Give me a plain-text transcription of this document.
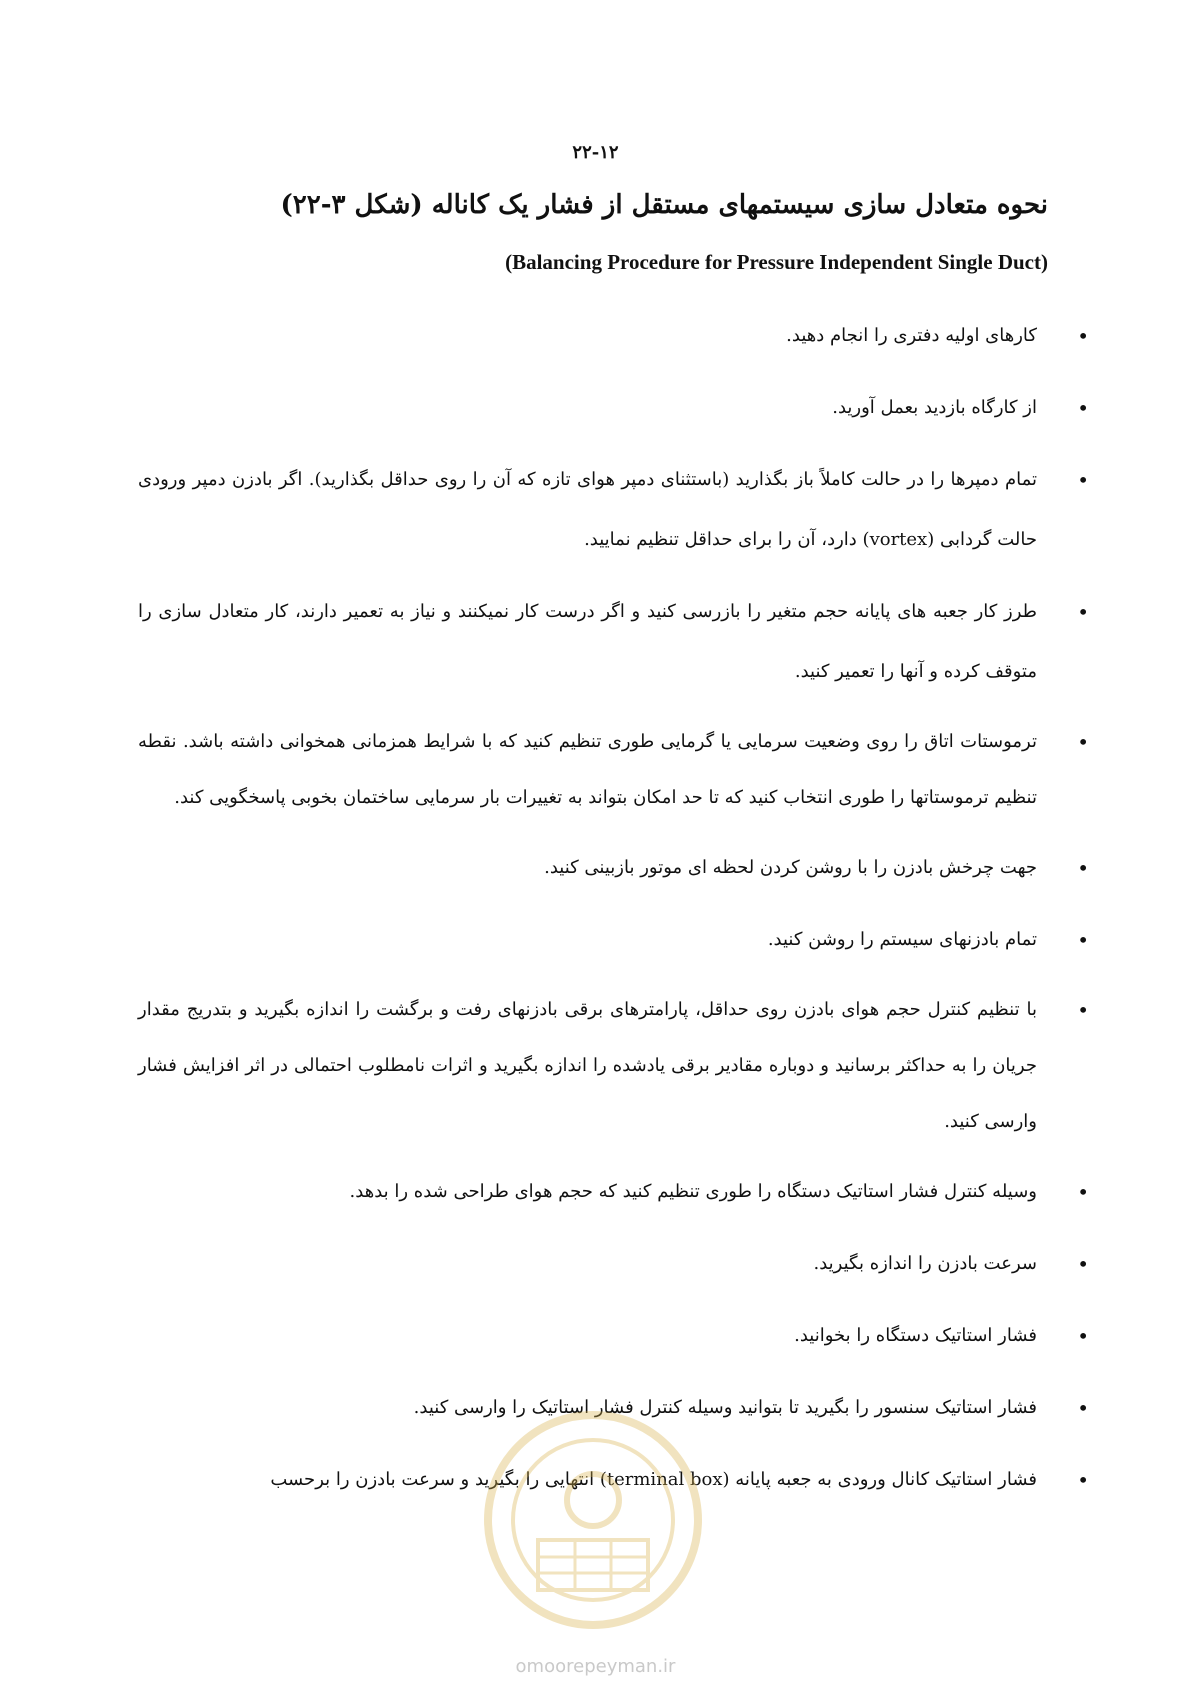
۲۲-۱۲
نحوه متعادل سازی سیستمهای مستقل از فشار یک کاناله (شکل ۳-۲۲)
(Balancing Procedure for Pressure Independent Single Duct)
•
کارهای اولیه دفتری را انجام دهید.
•
از کارگاه بازدید بعمل آورید.
•
تمام دمپرها را در حالت کاملاً باز بگذارید (باستثنای دمپر هوای تازه که آن را روی حداقل بگذارید). اگر بادزن دمپر ورودی حالت گردابی (vortex) دارد، آن را برای حداقل تنظیم نمایید.
•
طرز کار جعبه های پایانه حجم متغیر را بازرسی کنید و اگر درست کار نمیکنند و نیاز به تعمیر دارند، کار متعادل سازی را متوقف کرده و آنها را تعمیر کنید.
•
ترموستات اتاق را روی وضعیت سرمایی یا گرمایی طوری تنظیم کنید که با شرایط همزمانی همخوانی داشته باشد. نقطه تنظیم ترموستاتها را طوری انتخاب کنید که تا حد امکان بتواند به تغییرات بار سرمایی ساختمان بخوبی پاسخگویی کند.
•
جهت چرخش بادزن را با روشن کردن لحظه ای موتور بازبینی کنید.
•
تمام بادزنهای سیستم را روشن کنید.
•
با تنظیم کنترل حجم هوای بادزن روی حداقل، پارامترهای برقی بادزنهای رفت و برگشت را اندازه بگیرید و بتدریج مقدار جریان را به حداکثر برسانید و دوباره مقادیر برقی یادشده را اندازه بگیرید و اثرات نامطلوب احتمالی در اثر افزایش فشار وارسی کنید.
•
وسیله کنترل فشار استاتیک دستگاه را طوری تنظیم کنید که حجم هوای طراحی شده را بدهد.
•
سرعت بادزن را اندازه بگیرید.
•
فشار استاتیک دستگاه را بخوانید.
•
فشار استاتیک سنسور را بگیرید تا بتوانید وسیله کنترل فشار استاتیک را وارسی کنید.
•
فشار استاتیک کانال ورودی به جعبه پایانه (terminal box) انتهایی را بگیرید و سرعت بادزن را برحسب
omoorepeyman.ir
